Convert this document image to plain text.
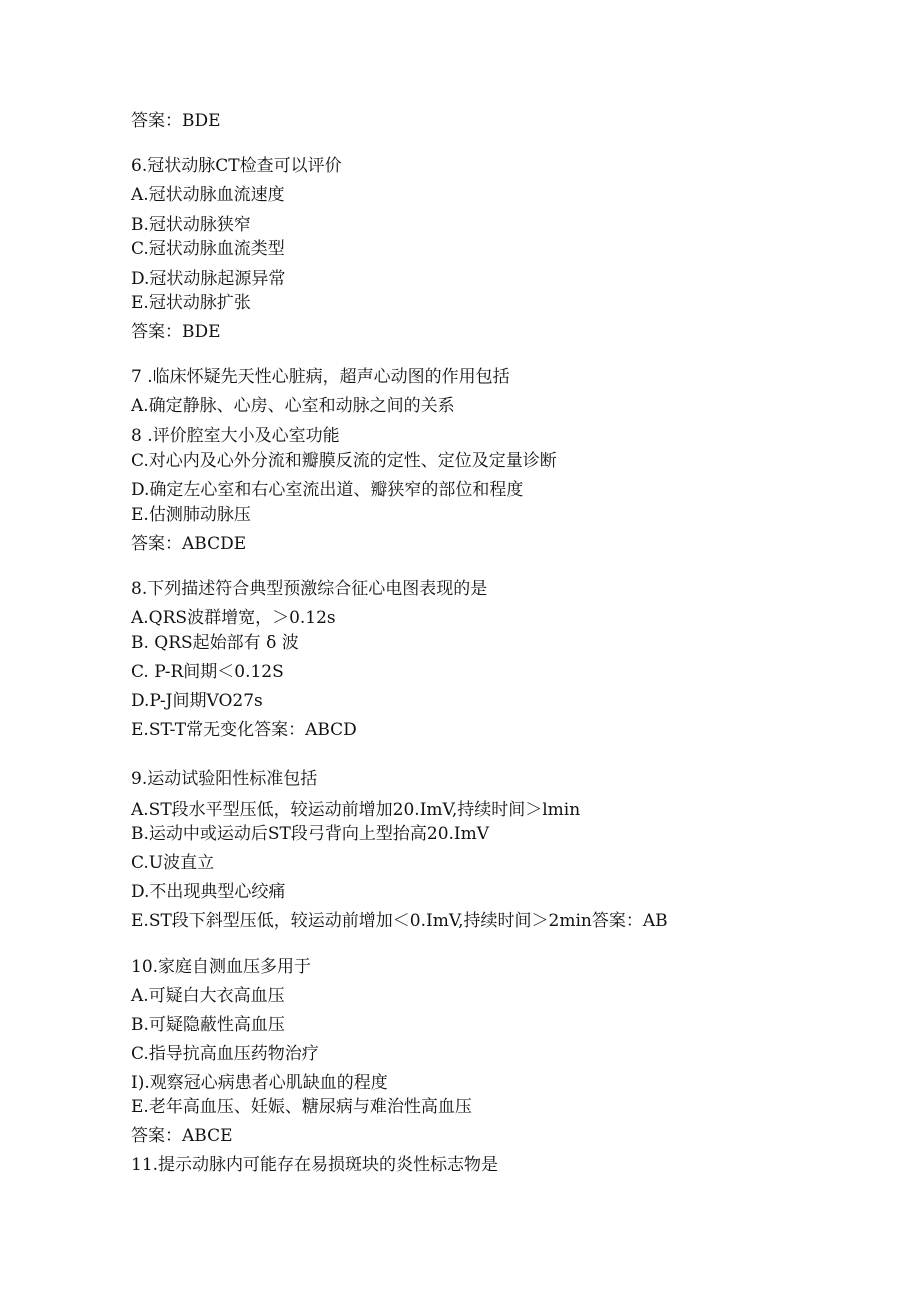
答案：BDE
6.冠状动脉CT检查可以评价
A.冠状动脉血流速度
B.冠状动脉狭窄
C.冠状动脉血流类型
D.冠状动脉起源异常
E.冠状动脉扩张
答案：BDE
7 .临床怀疑先天性心脏病，超声心动图的作用包括
A.确定静脉、心房、心室和动脉之间的关系
8 .评价腔室大小及心室功能
C.对心内及心外分流和瓣膜反流的定性、定位及定量诊断
D.确定左心室和右心室流出道、瓣狭窄的部位和程度
E.估测肺动脉压
答案：ABCDE
8.下列描述符合典型预激综合征心电图表现的是
A.QRS波群增宽，＞0.12s
B. QRS起始部有 δ 波
C. P-R间期＜0.12S
D.P-J间期VO27s
E.ST-T常无变化答案：ABCD
9.运动试验阳性标准包括
A.ST段水平型压低，较运动前增加20.ImV,持续时间＞lmin
B.运动中或运动后ST段弓背向上型抬高20.ImV
C.U波直立
D.不出现典型心绞痛
E.ST段下斜型压低，较运动前增加＜0.ImV,持续时间＞2min答案：AB
10.家庭自测血压多用于
A.可疑白大衣高血压
B.可疑隐蔽性高血压
C.指导抗高血压药物治疗
I).观察冠心病患者心肌缺血的程度
E.老年高血压、妊娠、糖尿病与难治性高血压
答案：ABCE
11.提示动脉内可能存在易损斑块的炎性标志物是
